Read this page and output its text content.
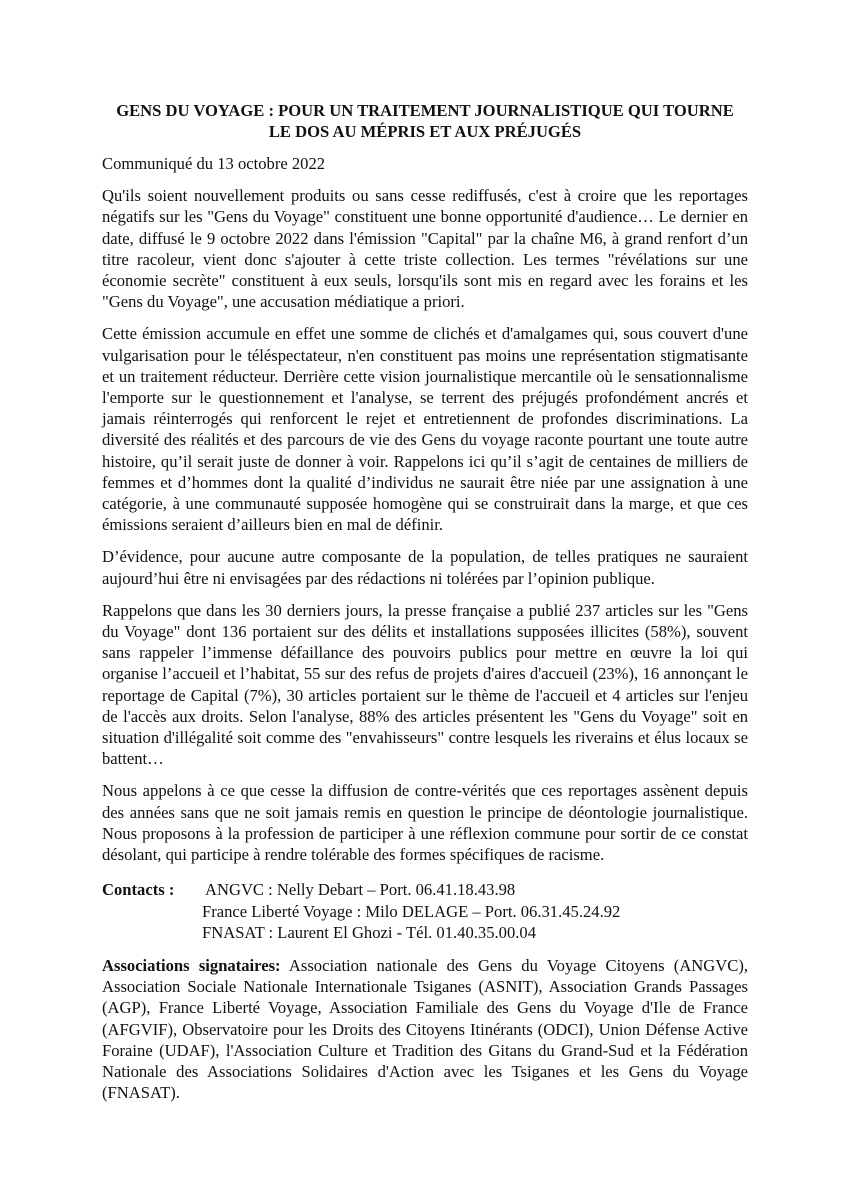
GENS DU VOYAGE : POUR UN TRAITEMENT JOURNALISTIQUE QUI TOURNE
LE DOS AU MÉPRIS ET AUX PRÉJUGÉS
Communiqué du 13 octobre 2022

Qu'ils soient nouvellement produits ou sans cesse rediffusés, c'est à croire que les reportages négatifs sur les "Gens du Voyage" constituent une bonne opportunité d'audience… Le dernier en date, diffusé le 9 octobre 2022 dans l'émission "Capital" par la chaîne M6, à grand renfort d’un titre racoleur, vient donc s'ajouter à cette triste collection. Les termes "révélations sur une économie secrète" constituent à eux seuls, lorsqu'ils sont mis en regard avec les forains et les "Gens du Voyage", une accusation médiatique a priori.

Cette émission accumule en effet une somme de clichés et d'amalgames qui, sous couvert d'une vulgarisation pour le téléspectateur, n'en constituent pas moins une représentation stigmatisante et un traitement réducteur. Derrière cette vision journalistique mercantile où le sensationnalisme l'emporte sur le questionnement et l'analyse, se terrent des préjugés profondément ancrés et jamais réinterrogés qui renforcent le rejet et entretiennent de profondes discriminations. La diversité des réalités et des parcours de vie des Gens du voyage raconte pourtant une toute autre histoire, qu’il serait juste de donner à voir. Rappelons ici qu’il s’agit de centaines de milliers de femmes et d’hommes dont la qualité d’individus ne saurait être niée par une assignation à une catégorie, à une communauté supposée homogène qui se construirait dans la marge, et que ces émissions seraient d’ailleurs bien en mal de définir.

D’évidence, pour aucune autre composante de la population, de telles pratiques ne sauraient aujourd’hui être ni envisagées par des rédactions ni tolérées par l’opinion publique.

Rappelons que dans les 30 derniers jours, la presse française a publié 237 articles sur les "Gens du Voyage" dont 136 portaient sur des délits et installations supposées illicites (58%), souvent sans rappeler l’immense défaillance des pouvoirs publics pour mettre en œuvre la loi qui organise l’accueil et l’habitat, 55 sur des refus de projets d'aires d'accueil (23%), 16 annonçant le reportage de Capital (7%), 30 articles portaient sur le thème de l'accueil et 4 articles sur l'enjeu de l'accès aux droits. Selon l'analyse, 88% des articles présentent les "Gens du Voyage" soit en situation d'illégalité soit comme des "envahisseurs" contre lesquels les riverains et élus locaux se battent…

Nous appelons à ce que cesse la diffusion de contre-vérités que ces reportages assènent depuis des années sans que ne soit jamais remis en question le principe de déontologie journalistique. Nous proposons à la profession de participer à une réflexion commune pour sortir de ce constat désolant, qui participe à rendre tolérable des formes spécifiques de racisme.

Contacts : ANGVC : Nelly Debart – Port. 06.41.18.43.98
France Liberté Voyage : Milo DELAGE – Port. 06.31.45.24.92
FNASAT : Laurent El Ghozi - Tél. 01.40.35.00.04

Associations signataires: Association nationale des Gens du Voyage Citoyens (ANGVC), Association Sociale Nationale Internationale Tsiganes (ASNIT), Association Grands Passages (AGP), France Liberté Voyage, Association Familiale des Gens du Voyage d'Ile de France (AFGVIF), Observatoire pour les Droits des Citoyens Itinérants (ODCI), Union Défense Active Foraine (UDAF), l'Association Culture et Tradition des Gitans du Grand-Sud et la Fédération Nationale des Associations Solidaires d'Action avec les Tsiganes et les Gens du Voyage (FNASAT).
